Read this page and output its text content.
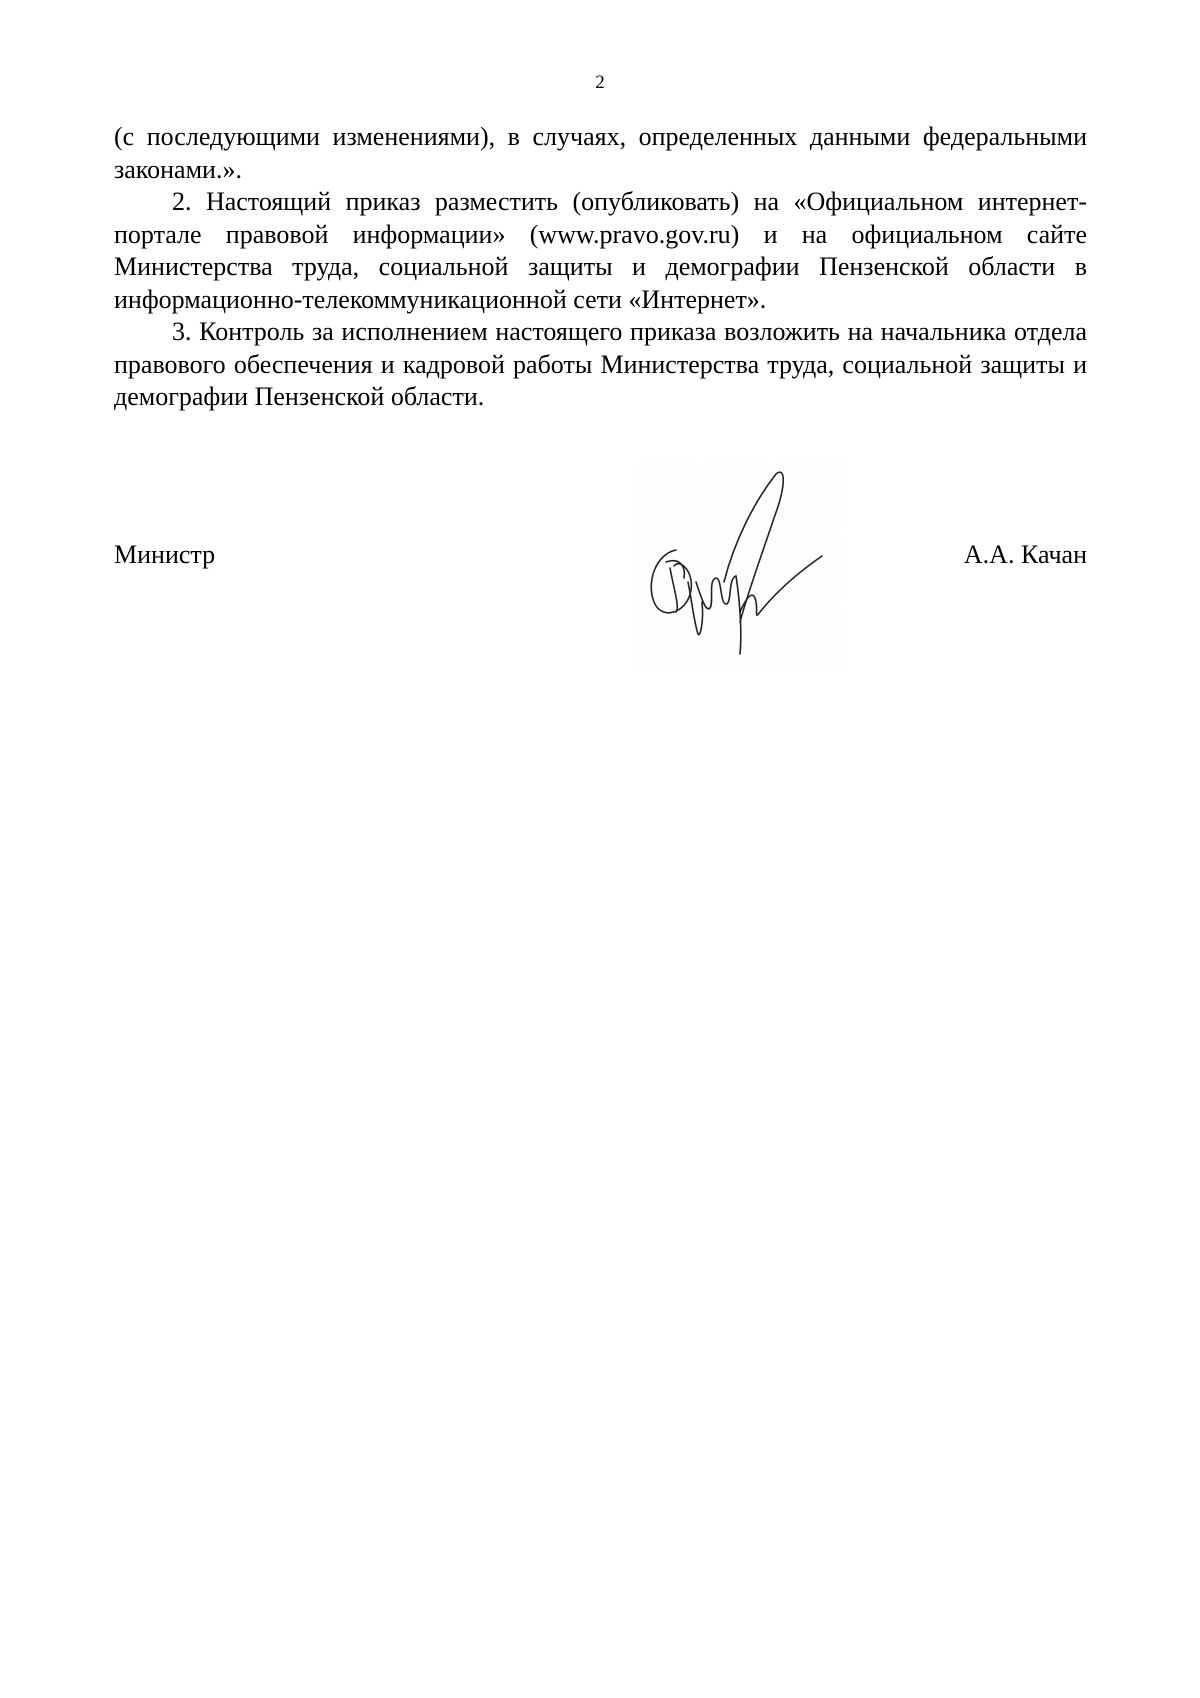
2

(с последующими изменениями), в случаях, определенных данными федеральными законами.».

2. Настоящий приказ разместить (опубликовать) на «Официальном интернет-портале правовой информации» (www.pravo.gov.ru) и на официальном сайте Министерства труда, социальной защиты и демографии Пензенской области в информационно-телекоммуникационной сети «Интернет».

3. Контроль за исполнением настоящего приказа возложить на начальника отдела правового обеспечения и кадровой работы Министерства труда, социальной защиты и демографии Пензенской области.

Министр	А.А. Качан
